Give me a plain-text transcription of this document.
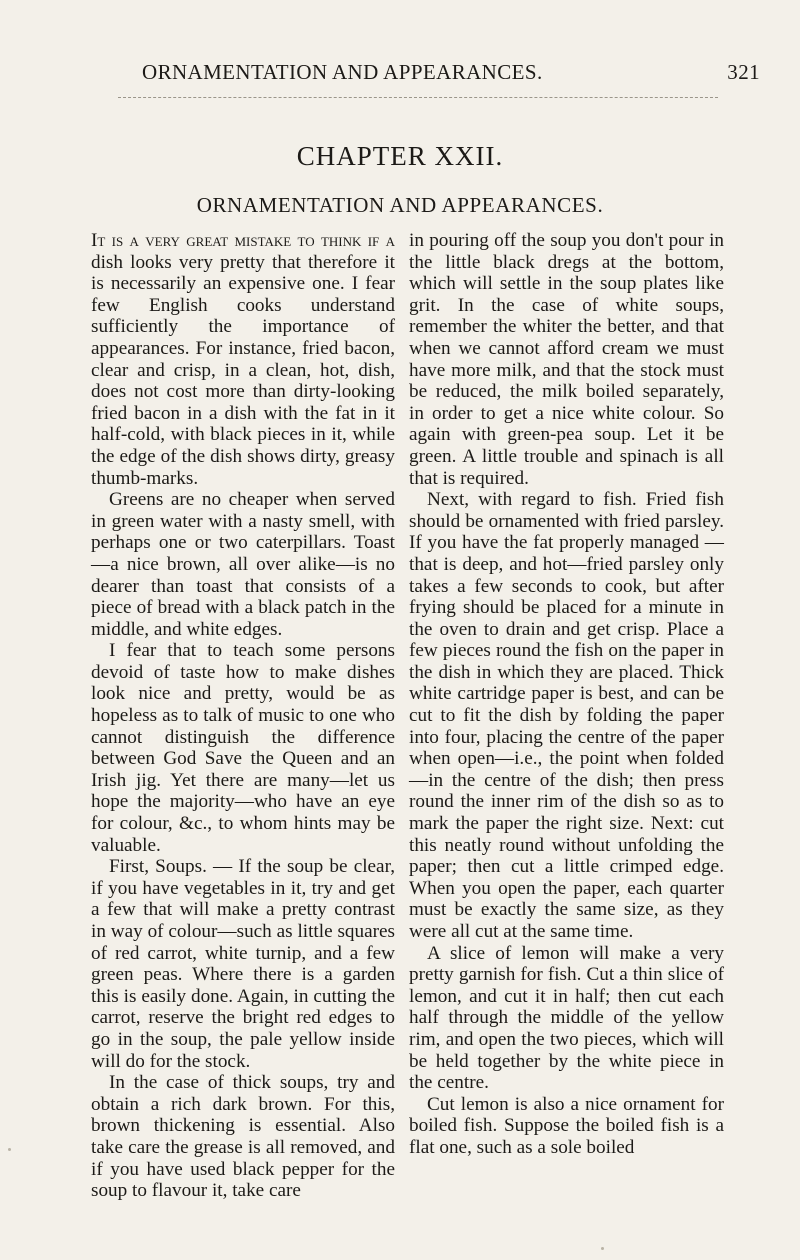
ORNAMENTATION AND APPEARANCES.	321
CHAPTER XXII.
ORNAMENTATION AND APPEARANCES.

It is a very great mistake to think if a dish looks very pretty that therefore it is necessarily an expensive one. I fear few English cooks understand sufficiently the importance of appearances. For instance, fried bacon, clear and crisp, in a clean, hot, dish, does not cost more than dirty-looking fried bacon in a dish with the fat in it half-cold, with black pieces in it, while the edge of the dish shows dirty, greasy thumb-marks.

Greens are no cheaper when served in green water with a nasty smell, with perhaps one or two caterpillars. Toast—a nice brown, all over alike—is no dearer than toast that consists of a piece of bread with a black patch in the middle, and white edges.

I fear that to teach some persons devoid of taste how to make dishes look nice and pretty, would be as hopeless as to talk of music to one who cannot distinguish the difference between God Save the Queen and an Irish jig. Yet there are many—let us hope the majority—who have an eye for colour, &c., to whom hints may be valuable.

First, Soups. — If the soup be clear, if you have vegetables in it, try and get a few that will make a pretty contrast in way of colour—such as little squares of red carrot, white turnip, and a few green peas. Where there is a garden this is easily done. Again, in cutting the carrot, reserve the bright red edges to go in the soup, the pale yellow inside will do for the stock.

In the case of thick soups, try and obtain a rich dark brown. For this, brown thickening is essential. Also take care the grease is all removed, and if you have used black pepper for the soup to flavour it, take care

in pouring off the soup you don't pour in the little black dregs at the bottom, which will settle in the soup plates like grit. In the case of white soups, remember the whiter the better, and that when we cannot afford cream we must have more milk, and that the stock must be reduced, the milk boiled separately, in order to get a nice white colour. So again with green-pea soup. Let it be green. A little trouble and spinach is all that is required.

Next, with regard to fish. Fried fish should be ornamented with fried parsley. If you have the fat properly managed — that is deep, and hot—fried parsley only takes a few seconds to cook, but after frying should be placed for a minute in the oven to drain and get crisp. Place a few pieces round the fish on the paper in the dish in which they are placed. Thick white cartridge paper is best, and can be cut to fit the dish by folding the paper into four, placing the centre of the paper when open—i.e., the point when folded—in the centre of the dish; then press round the inner rim of the dish so as to mark the paper the right size. Next: cut this neatly round without unfolding the paper; then cut a little crimped edge. When you open the paper, each quarter must be exactly the same size, as they were all cut at the same time.

A slice of lemon will make a very pretty garnish for fish. Cut a thin slice of lemon, and cut it in half; then cut each half through the middle of the yellow rim, and open the two pieces, which will be held together by the white piece in the centre.

Cut lemon is also a nice ornament for boiled fish. Suppose the boiled fish is a flat one, such as a sole boiled
